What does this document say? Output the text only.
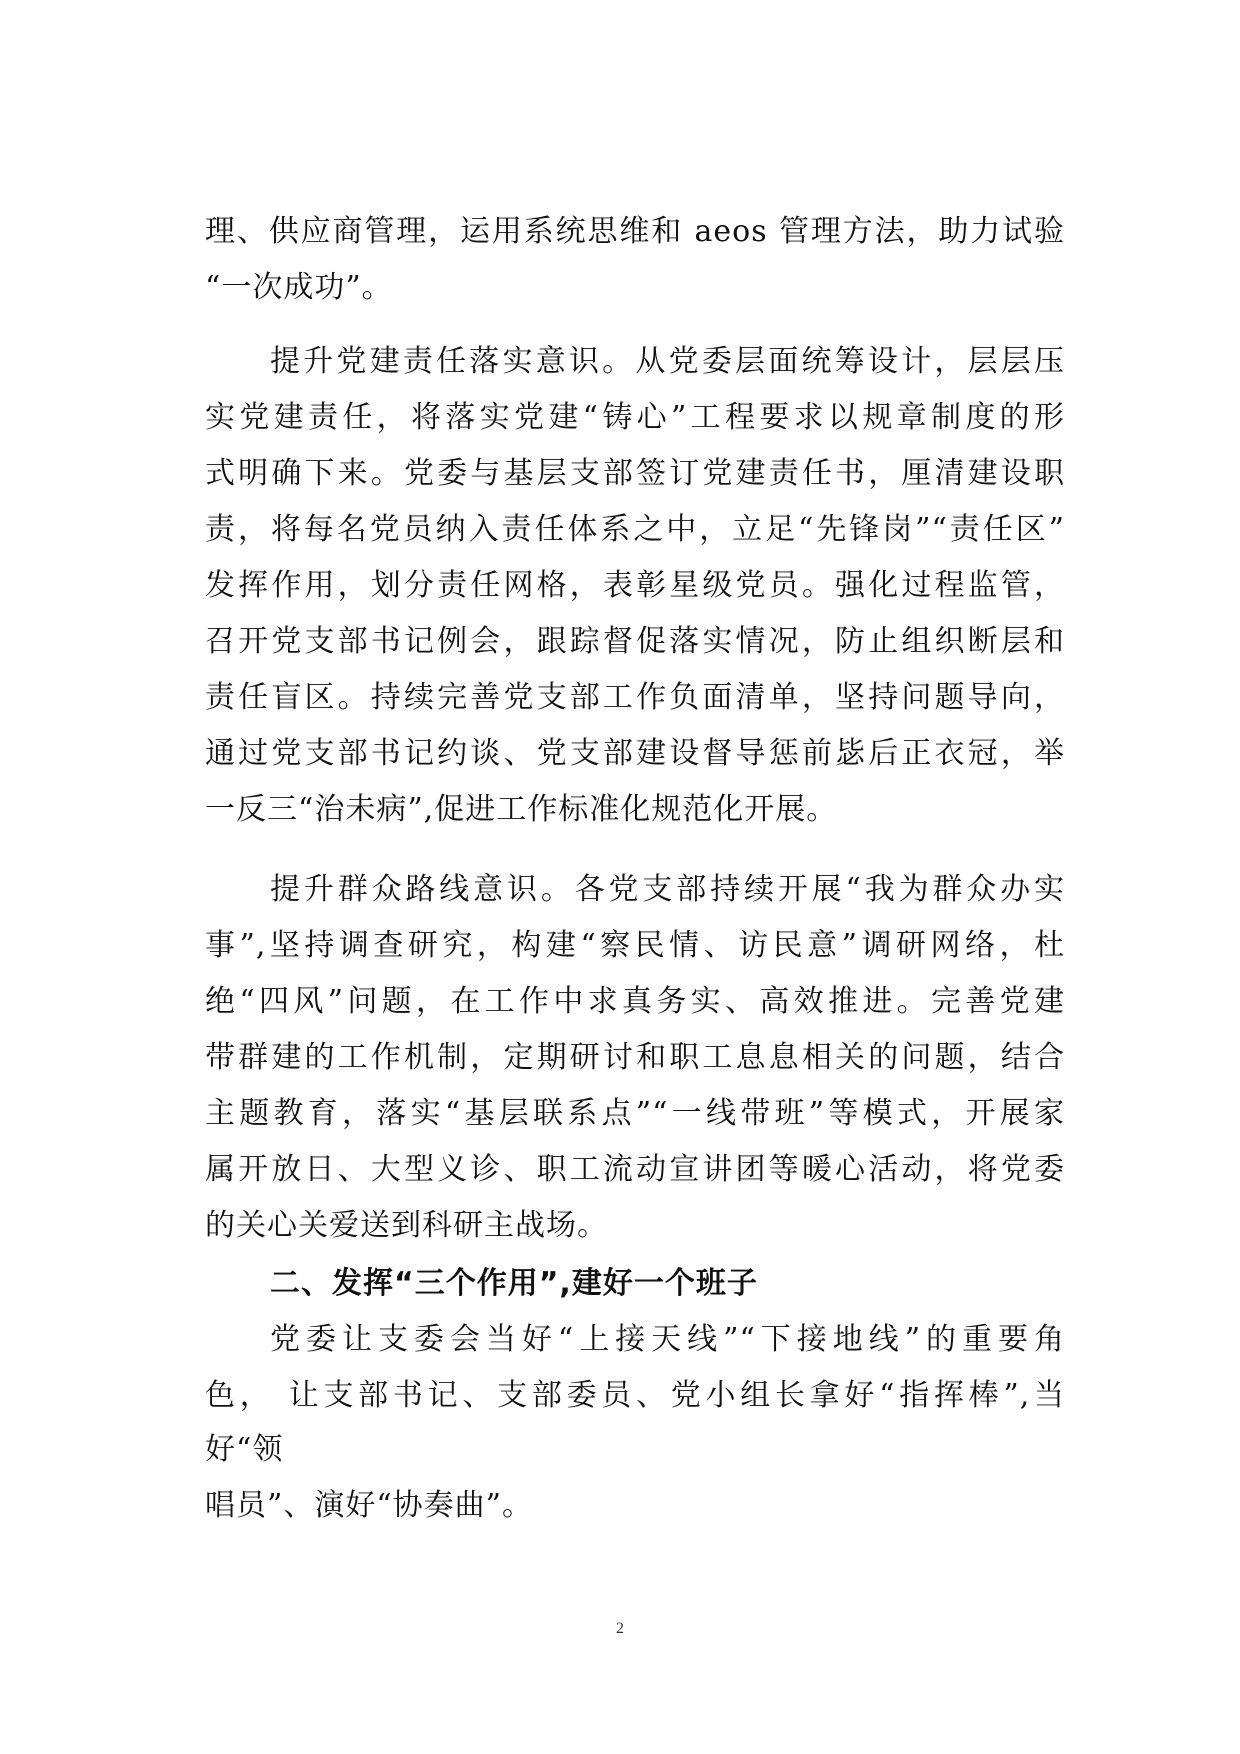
理、供应商管理，运用系统思维和 aeos 管理方法，助力试验
“一次成功”。
提升党建责任落实意识。从党委层面统筹设计，层层压
实党建责任，将落实党建“铸心”工程要求以规章制度的形
式明确下来。党委与基层支部签订党建责任书，厘清建设职
责，将每名党员纳入责任体系之中，立足“先锋岗”“责任区”
发挥作用，划分责任网格，表彰星级党员。强化过程监管，
召开党支部书记例会，跟踪督促落实情况，防止组织断层和
责任盲区。持续完善党支部工作负面清单，坚持问题导向，
通过党支部书记约谈、党支部建设督导惩前毖后正衣冠，举
一反三“治未病”,促进工作标准化规范化开展。
提升群众路线意识。各党支部持续开展“我为群众办实
事”,坚持调查研究，构建“察民情、访民意”调研网络，杜
绝“四风”问题，在工作中求真务实、高效推进。完善党建
带群建的工作机制，定期研讨和职工息息相关的问题，结合
主题教育，落实“基层联系点”“一线带班”等模式，开展家
属开放日、大型义诊、职工流动宣讲团等暖心活动，将党委
的关心关爱送到科研主战场。
二、发挥“三个作用”,建好一个班子
党委让支委会当好“上接天线”“下接地线”的重要角
色， 让支部书记、支部委员、党小组长拿好“指挥棒”,当
好“领
唱员”、演好“协奏曲”。
2
